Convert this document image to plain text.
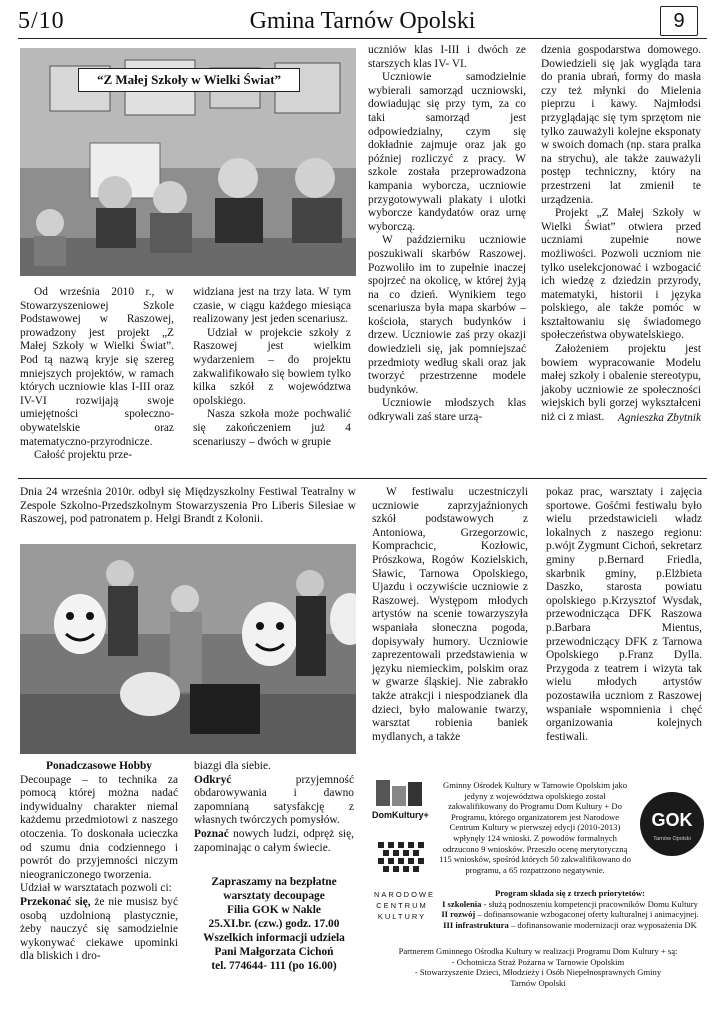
5/10	Gmina Tarnów Opolski	9
“Z Małej Szkoły w Wielki Świat”

Od września 2010 r., w Stowarzyszeniowej Szkole Podstawowej w Raszowej, prowadzony jest projekt „Z Małej Szkoły w Wielki Świat”. Pod tą nazwą kryje się szereg mniejszych projektów, w ramach których uczniowie klas I-III oraz IV-VI rozwijają swoje umiejętności społeczno-obywatelskie oraz matematyczno-przyrodnicze.

Całość projektu prze-

widziana jest na trzy lata. W tym czasie, w ciągu każdego miesiąca realizowany jest jeden scenariusz.

Udział w projekcie szkoły z Raszowej jest wielkim wydarzeniem – do projektu zakwalifikowało się bowiem tylko kilka szkół z województwa opolskiego.

Nasza szkoła może pochwalić się zakończeniem już 4 scenariuszy – dwóch w grupie

uczniów klas I-III i dwóch ze starszych klas IV- VI.

Uczniowie samodzielnie wybierali samorząd uczniowski, dowiadując się przy tym, za co taki samorząd jest odpowiedzialny, czym się dokładnie zajmuje oraz jak go później rozliczyć z pracy. W szkole została przeprowadzona kampania wyborcza, uczniowie przygotowywali plakaty i ulotki wyborcze kandydatów oraz urnę wyborczą.

W październiku uczniowie poszukiwali skarbów Raszowej. Pozwoliło im to zupełnie inaczej spojrzeć na okolicę, w której żyją na co dzień. Wynikiem tego scenariusza była mapa skarbów – kościoła, starych budynków i drzew. Uczniowie zaś przy okazji dowiedzieli się, jak pomniejszać przedmioty według skali oraz jak tworzyć przestrzenne modele budynków.

Uczniowie młodszych klas odkrywali zaś stare urzą-

dzenia gospodarstwa domowego. Dowiedzieli się jak wygląda tara do prania ubrań, formy do masła czy też młynki do Mielenia pieprzu i kawy. Najmłodsi przyglądając się tym sprzętom nie tylko zauważyli kolejne eksponaty w swoich domach (np. stara pralka na strychu), ale także zauważyli postęp techniczny, który na przestrzeni lat zmienił te urządzenia.

Projekt „Z Małej Szkoły w Wielki Świat” otwiera przed uczniami zupełnie nowe możliwości. Pozwoli uczniom nie tylko uselekcjonować i wzbogacić ich wiedzę z dziedzin przyrody, matematyki, historii i języka polskiego, ale także pomóc w kształtowaniu się świadomego społeczeństwa obywatelskiego.

Założeniem projektu jest bowiem wypracowanie Modelu małej szkoły i obalenie stereotypu, jakoby uczniowie ze społeczności wiejskich byli gorzej wykształceni niż ci z miast.	Agnieszka Zbytnik
Dnia 24 września 2010r. odbył się Międzyszkolny Festiwal Teatralny w Zespole Szkolno-Przedszkolnym Stowarzyszenia Pro Liberis Silesiae w Raszowej, pod patronatem p. Helgi Brandt z Kolonii.

W festiwalu uczestniczyli uczniowie zaprzyjaźnionych szkół podstawowych z Antoniowa, Grzegorzowic, Komprachcic, Kozłowic, Prószkowa, Rogów Kozielskich, Sławic, Tarnowa Opolskiego, Ujazdu i oczywiście uczniowie z Raszowej. Występom młodych artystów na scenie towarzyszyła wspaniała słoneczna pogoda, dopisywały humory. Uczniowie zaprezentowali przedstawienia w języku niemieckim, polskim oraz w gwarze śląskiej. Nie zabrakło także atrakcji i niespodzianek dla dzieci, było malowanie twarzy, warsztat robienia baniek mydlanych, a także

pokaz prac, warsztaty i zajęcia sportowe. Gośćmi festiwalu było wielu przedstawicieli władz lokalnych z naszego regionu: p.wójt Zygmunt Cichoń, sekretarz gminy p.Bernard Friedla, skarbnik gminy, p.Elżbieta Daszko, starosta powiatu opolskiego p.Krzysztof Wysdak, przewodnicząca DFK Raszowa p.Barbara Mientus, przewodniczący DFK z Tarnowa Opolskiego p.Franz Dylla. Przygoda z teatrem i wizyta tak wielu młodych artystów pozostawiła uczniom z Raszowej wspaniałe wspomnienia i chęć organizowania kolejnych festiwali.

Ponadczasowe Hobby

Decoupage – to technika za pomocą której można nadać indywidualny charakter niemal każdemu przedmiotowi z naszego otoczenia. To doskonała ucieczka od szumu dnia codziennego i powrót do przyjemności niczym nieograniczonego tworzenia.

Udział w warsztatach pozwoli ci:

Przekonać się, że nie musisz być osobą uzdolnioną plastycznie, żeby nauczyć się samodzielnie wykonywać ciekawe upominki dla bliskich i dro-

biazgi dla siebie.

Odkryć przyjemność obdarowywania i dawno zapomnianą satysfakcję z własnych twórczych pomysłów.

Poznać nowych ludzi, odpręż się, zapominając o całym świecie.

Zapraszamy na bezpłatne
warsztaty decoupage
Filia GOK w Nakle
25.XI.br. (czw.) godz. 17.00
Wszelkich informacji udziela
Pani Małgorzata Cichoń
tel. 774644- 111 (po 16.00)
DomKultury+
NARODOWE CENTRUM KULTURY
GOK
Tarnów Opolski
Gminny Ośrodek Kultury w Tarnowie Opolskim jako jedyny z województwa opolskiego został zakwalifikowany do Programu Dom Kultury + Do Programu, którego organizatorem jest Narodowe Centrum Kultury w pierwszej edycji (2010-2013) wpłynęły 124 wnioski. Z powodów formalnych odrzucono 9 wniosków. Przeszło ocenę merytoryczną 115 wniosków, spośród których 50 zakwalifikowano do programu, a 65 rozpatrzono negatywnie.
Program składa się z trzech priorytetów:
I szkolenia - służą podnoszeniu kompetencji pracowników Domu Kultury
II rozwój – dofinansowanie wzbogaconej oferty kulturalnej i animacyjnej.
III infrastruktura – dofinansowanie modernizacji oraz wyposażenia DK
Partnerem Gminnego Ośrodka Kultury w realizacji Programu Dom Kultury + są:
- Ochotnicza Straż Pożarna w Tarnowie Opolskim
- Stowarzyszenie Dzieci, Młodzieży i Osób Niepełnosprawnych Gminy
Tarnów Opolski
